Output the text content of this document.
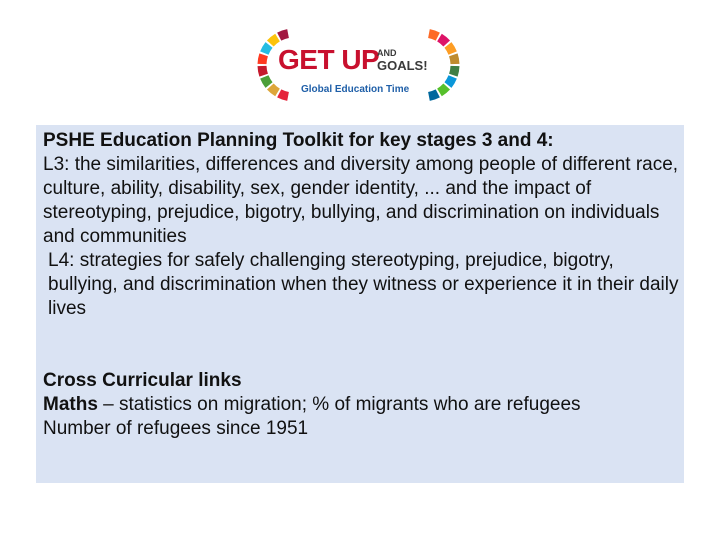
GET UP
AND
GOALS!
Global Education Time

PSHE Education Planning Toolkit for key stages 3 and 4:

L3: the similarities, differences and diversity among people of different race, culture, ability, disability, sex, gender identity, ... and the impact of stereotyping, prejudice, bigotry, bullying, and discrimination on individuals and communities

L4: strategies for safely challenging stereotyping, prejudice, bigotry, bullying, and discrimination when they witness or experience it in their daily lives

Cross Curricular links

Maths – statistics on migration; % of migrants who are refugees

Number of refugees since 1951
